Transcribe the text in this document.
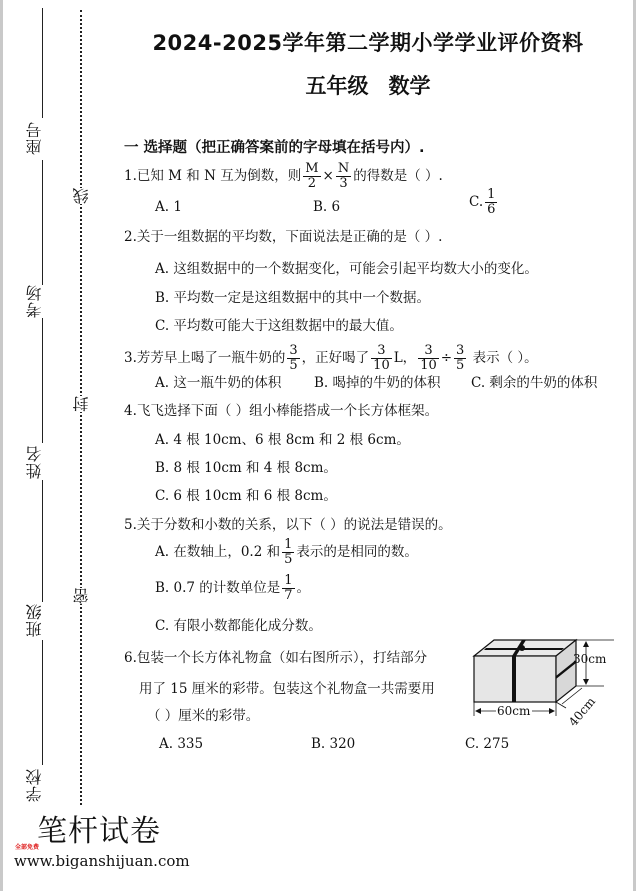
座号
考场
姓名
班级
学校
线
封
密
2024-2025学年第二学期小学学业评价资料
五年级 数学
一 选择题（把正确答案前的字母填在括号内）.
1.已知 M 和 N 互为倒数，则 $\frac{M}{2} \times \frac{N}{3}$ 的得数是（ ）.
A. 1	B. 6	C. $\frac{1}{6}$
2.关于一组数据的平均数，下面说法是正确的是（ ）.
A. 这组数据中的一个数据变化，可能会引起平均数大小的变化。
B. 平均数一定是这组数据中的其中一个数据。
C. 平均数可能大于这组数据中的最大值。
3.芳芳早上喝了一瓶牛奶的 $\frac{3}{5}$ ，正好喝了 $\frac{3}{10}$ L， $\frac{3}{10} \div \frac{3}{5}$ 表示（ ）。
A. 这一瓶牛奶的体积 B. 喝掉的牛奶的体积 C. 剩余的牛奶的体积
4.飞飞选择下面（ ）组小棒能搭成一个长方体框架。
A. 4 根 10cm、6 根 8cm 和 2 根 6cm。
B. 8 根 10cm 和 4 根 8cm。
C. 6 根 10cm 和 6 根 8cm。
5.关于分数和小数的关系，以下（ ）的说法是错误的。
A. 在数轴上，0.2 和 $\frac{1}{5}$ 表示的是相同的数。
B. 0.7 的计数单位是 $\frac{1}{7}$ 。
C. 有限小数都能化成分数。
6.包装一个长方体礼物盒（如右图所示），打结部分
用了 15 厘米的彩带。包装这个礼物盒一共需要用
（ ）厘米的彩带。
A. 335	B. 320	C. 275
30cm
40cm
60cm
笔杆试卷
全部免费
www.biganshijuan.com
